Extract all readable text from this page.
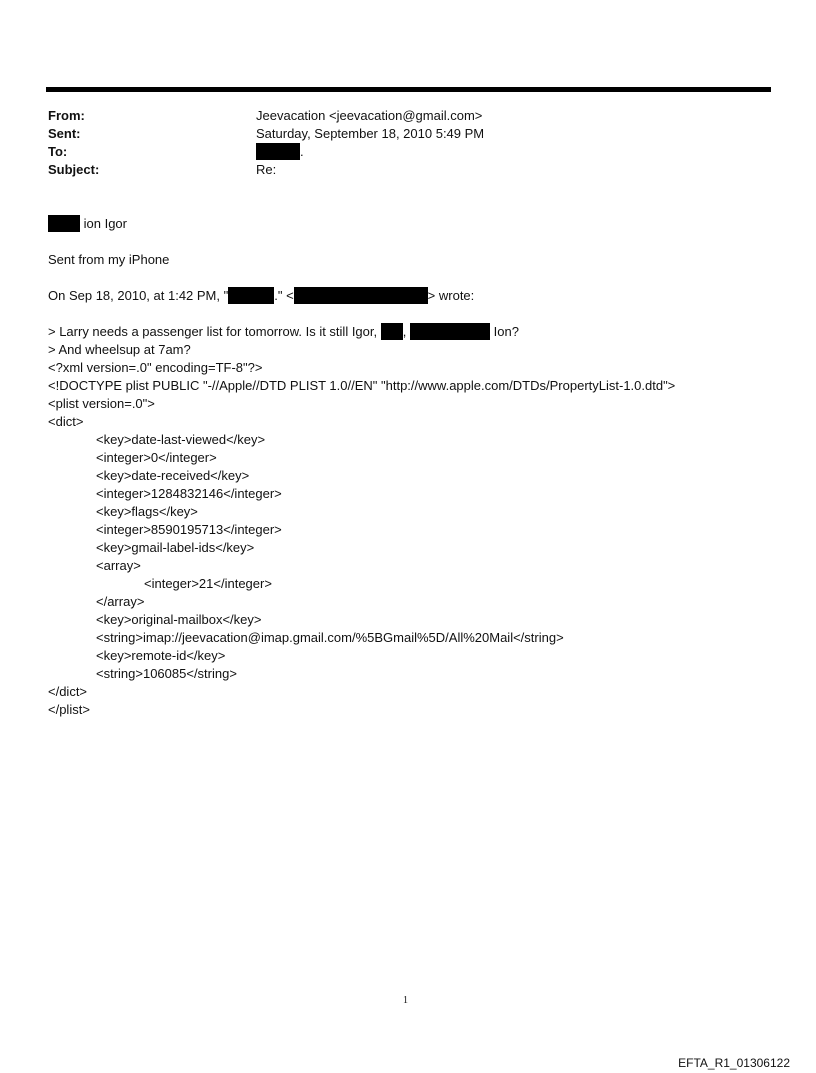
From:	Jeevacation <jeevacation@gmail.com>
Sent:	Saturday, September 18, 2010 5:49 PM
To:	.
Subject:	Re:
ion Igor
Sent from my iPhone
On Sep 18, 2010, at 1:42 PM, "	." <	> wrote:
> Larry needs a passenger list for tomorrow. Is it still Igor, ,	Ion?
> And wheelsup at 7am?
<?xml version=.0" encoding=TF-8"?>
<!DOCTYPE plist PUBLIC "-//Apple//DTD PLIST 1.0//EN" "http://www.apple.com/DTDs/PropertyList-1.0.dtd">
<plist version=.0">
<dict>
<key>date-last-viewed</key>
<integer>0</integer>
<key>date-received</key>
<integer>1284832146</integer>
<key>flags</key>
<integer>8590195713</integer>
<key>gmail-label-ids</key>
<array>
<integer>21</integer>
</array>
<key>original-mailbox</key>
<string>imap://jeevacation@imap.gmail.com/%5BGmail%5D/All%20Mail</string>
<key>remote-id</key>
<string>106085</string>
</dict>
</plist>
1
EFTA_R1_01306122
